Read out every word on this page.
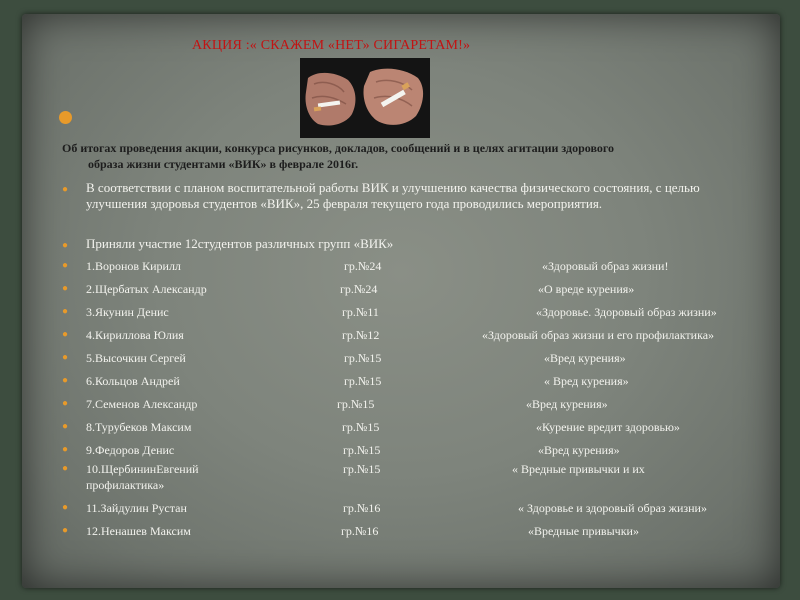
АКЦИЯ :« СКАЖЕМ «НЕТ» СИГАРЕТАМ!»
Об итогах проведения акции, конкурса рисунков, докладов, сообщений и в целях агитации здорового
образа жизни студентами «ВИК» в феврале 2016г.
●	В соответствии с планом воспитательной работы ВИК и улучшению качества физического состояния, с целью улучшения здоровья студентов «ВИК», 25 февраля текущего года проводились мероприятия.
●	Приняли участие 12студентов различных групп «ВИК»
● 1.Воронов Кирилл	гр.№24	«Здоровый образ жизни!
● 2.Щербатых Александр	гр.№24	«О вреде курения»
● 3.Якунин Денис	гр.№11	«Здоровье. Здоровый образ жизни»
● 4.Кириллова Юлия	гр.№12	«Здоровый образ жизни и его профилактика»
● 5.Высочкин Сергей	гр.№15	«Вред курения»
● 6.Кольцов Андрей	гр.№15	« Вред курения»
● 7.Семенов Александр	гр.№15	«Вред курения»
● 8.Турубеков Максим	гр.№15	«Курение вредит здоровью»
● 9.Федоров Денис	гр.№15	«Вред курения»
● 10.ЩербининЕвгений	гр.№15	« Вредные привычки и их
профилактика»
● 11.Зайдулин Рустан	гр.№16	« Здоровье и здоровый образ жизни»
● 12.Ненашев Максим	гр.№16	«Вредные привычки»
